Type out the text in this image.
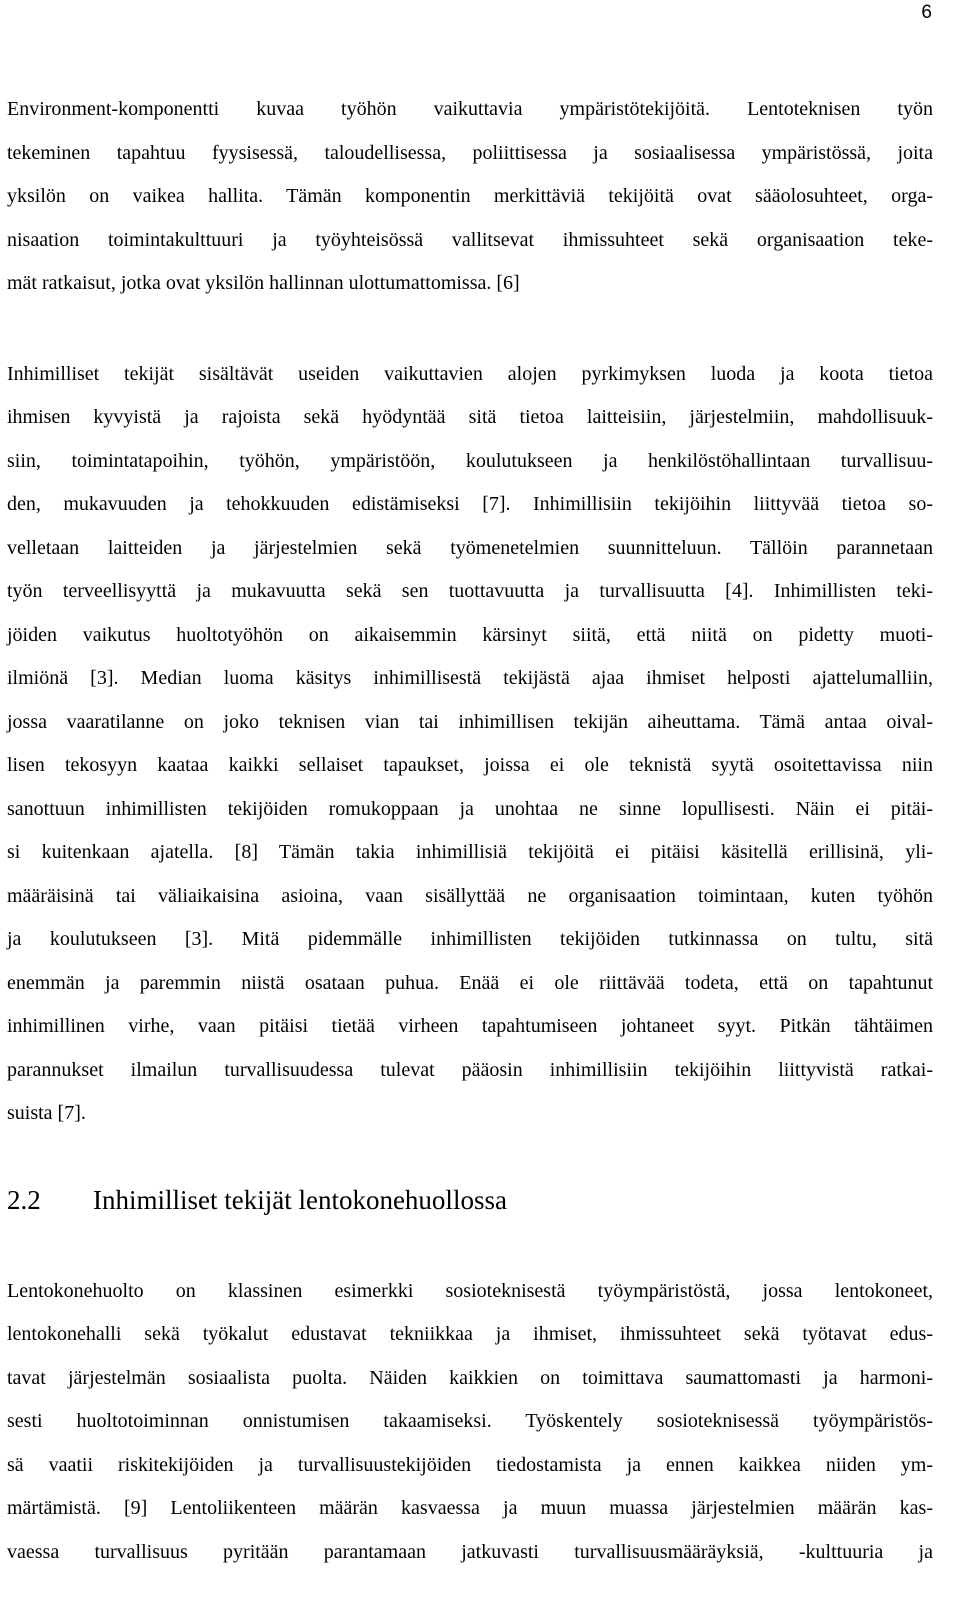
6
Environment-komponentti kuvaa työhön vaikuttavia ympäristötekijöitä. Lentoteknisen työn
tekeminen tapahtuu fyysisessä, taloudellisessa, poliittisessa ja sosiaalisessa ympäristössä, joita
yksilön on vaikea hallita. Tämän komponentin merkittäviä tekijöitä ovat sääolosuhteet, orga-
nisaation toimintakulttuuri ja työyhteisössä vallitsevat ihmissuhteet sekä organisaation teke-
mät ratkaisut, jotka ovat yksilön hallinnan ulottumattomissa. [6]
Inhimilliset tekijät sisältävät useiden vaikuttavien alojen pyrkimyksen luoda ja koota tietoa
ihmisen kyvyistä ja rajoista sekä hyödyntää sitä tietoa laitteisiin, järjestelmiin, mahdollisuuk-
siin, toimintatapoihin, työhön, ympäristöön, koulutukseen ja henkilöstöhallintaan turvallisuu-
den, mukavuuden ja tehokkuuden edistämiseksi [7]. Inhimillisiin tekijöihin liittyvää tietoa so-
velletaan laitteiden ja järjestelmien sekä työmenetelmien suunnitteluun. Tällöin parannetaan
työn terveellisyyttä ja mukavuutta sekä sen tuottavuutta ja turvallisuutta [4]. Inhimillisten teki-
jöiden vaikutus huoltotyöhön on aikaisemmin kärsinyt siitä, että niitä on pidetty muoti-
ilmiönä [3]. Median luoma käsitys inhimillisestä tekijästä ajaa ihmiset helposti ajattelumalliin,
jossa vaaratilanne on joko teknisen vian tai inhimillisen tekijän aiheuttama. Tämä antaa oival-
lisen tekosyyn kaataa kaikki sellaiset tapaukset, joissa ei ole teknistä syytä osoitettavissa niin
sanottuun inhimillisten tekijöiden romukoppaan ja unohtaa ne sinne lopullisesti. Näin ei pitäi-
si kuitenkaan ajatella. [8] Tämän takia inhimillisiä tekijöitä ei pitäisi käsitellä erillisinä, yli-
määräisinä tai väliaikaisina asioina, vaan sisällyttää ne organisaation toimintaan, kuten työhön
ja koulutukseen [3]. Mitä pidemmälle inhimillisten tekijöiden tutkinnassa on tultu, sitä
enemmän ja paremmin niistä osataan puhua. Enää ei ole riittävää todeta, että on tapahtunut
inhimillinen virhe, vaan pitäisi tietää virheen tapahtumiseen johtaneet syyt. Pitkän tähtäimen
parannukset ilmailun turvallisuudessa tulevat pääosin inhimillisiin tekijöihin liittyvistä ratkai-
suista [7].
2.2 Inhimilliset tekijät lentokonehuollossa
Lentokonehuolto on klassinen esimerkki sosioteknisestä työympäristöstä, jossa lentokoneet,
lentokonehalli sekä työkalut edustavat tekniikkaa ja ihmiset, ihmissuhteet sekä työtavat edus-
tavat järjestelmän sosiaalista puolta. Näiden kaikkien on toimittava saumattomasti ja harmoni-
sesti huoltotoiminnan onnistumisen takaamiseksi. Työskentely sosioteknisessä työympäristös-
sä vaatii riskitekijöiden ja turvallisuustekijöiden tiedostamista ja ennen kaikkea niiden ym-
märtämistä. [9] Lentoliikenteen määrän kasvaessa ja muun muassa järjestelmien määrän kas-
vaessa turvallisuus pyritään parantamaan jatkuvasti turvallisuusmääräyksiä, -kulttuuria ja
